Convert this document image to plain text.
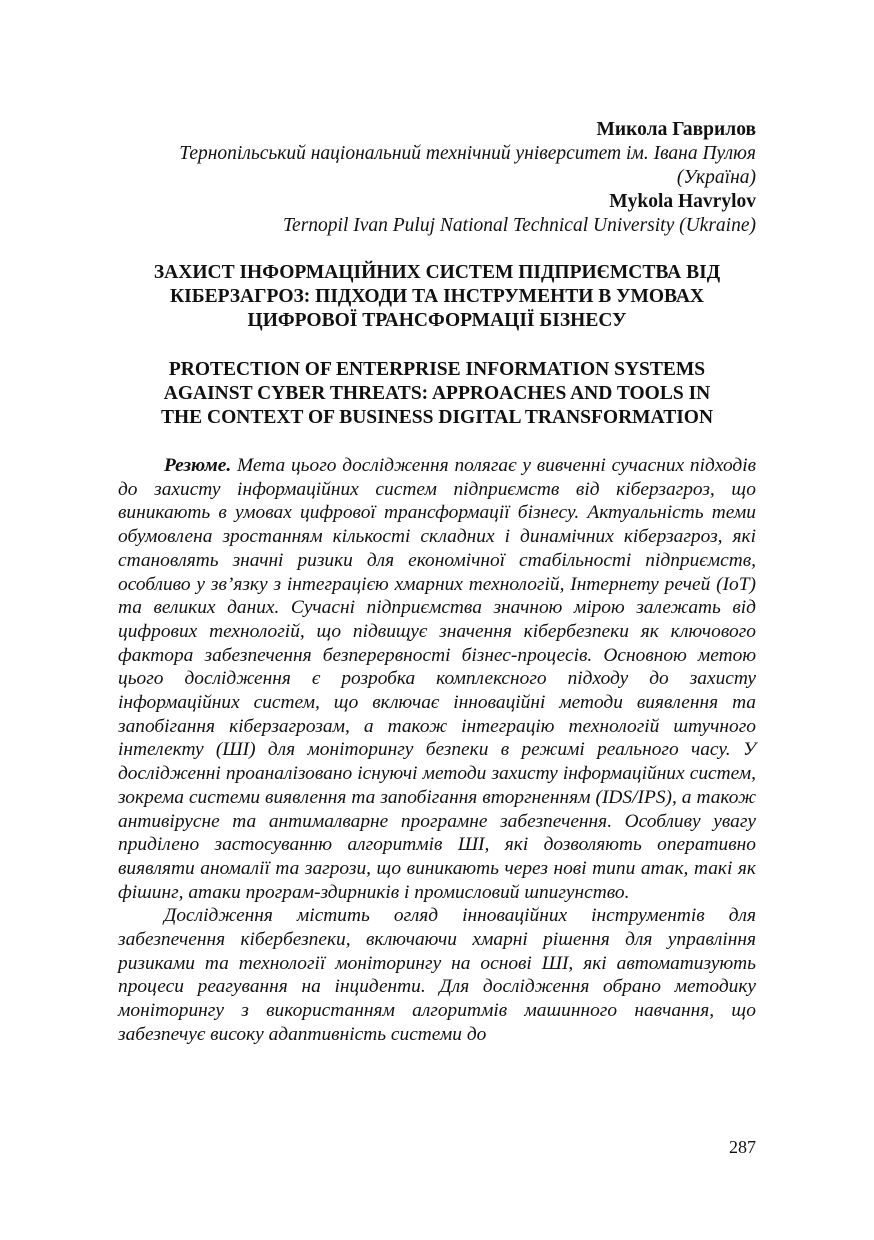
Микола Гаврилов
Тернопільський національний технічний університет ім. Івана Пулюя
(Україна)
Mykola Havrylov
Ternopil Ivan Puluj National Technical University (Ukraine)
ЗАХИСТ ІНФОРМАЦІЙНИХ СИСТЕМ ПІДПРИЄМСТВА ВІД
КІБЕРЗАГРОЗ: ПІДХОДИ ТА ІНСТРУМЕНТИ В УМОВАХ
ЦИФРОВОЇ ТРАНСФОРМАЦІЇ БІЗНЕСУ
PROTECTION OF ENTERPRISE INFORMATION SYSTEMS
AGAINST CYBER THREATS: APPROACHES AND TOOLS IN
THE CONTEXT OF BUSINESS DIGITAL TRANSFORMATION

Резюме. Мета цього дослідження полягає у вивченні сучасних підходів до захисту інформаційних систем підприємств від кіберзагроз, що виникають в умовах цифрової трансформації бізнесу. Актуальність теми обумовлена зростанням кількості складних і динамічних кіберзагроз, які становлять значні ризики для економічної стабільності підприємств, особливо у зв’язку з інтеграцією хмарних технологій, Інтернету речей (IoT) та великих даних. Сучасні підприємства значною мірою залежать від цифрових технологій, що підвищує значення кібербезпеки як ключового фактора забезпечення безперервності бізнес-процесів. Основною метою цього дослідження є розробка комплексного підходу до захисту інформаційних систем, що включає інноваційні методи виявлення та запобігання кіберзагрозам, а також інтеграцію технологій штучного інтелекту (ШІ) для моніторингу безпеки в режимі реального часу. У дослідженні проаналізовано існуючі методи захисту інформаційних систем, зокрема системи виявлення та запобігання вторгненням (IDS/IPS), а також антивірусне та антималварне програмне забезпечення. Особливу увагу приділено застосуванню алгоритмів ШІ, які дозволяють оперативно виявляти аномалії та загрози, що виникають через нові типи атак, такі як фішинг, атаки програм-здирників і промисловий шпигунство.

Дослідження містить огляд інноваційних інструментів для забезпечення кібербезпеки, включаючи хмарні рішення для управління ризиками та технології моніторингу на основі ШІ, які автоматизують процеси реагування на інциденти. Для дослідження обрано методику моніторингу з використанням алгоритмів машинного навчання, що забезпечує високу адаптивність системи до

287
